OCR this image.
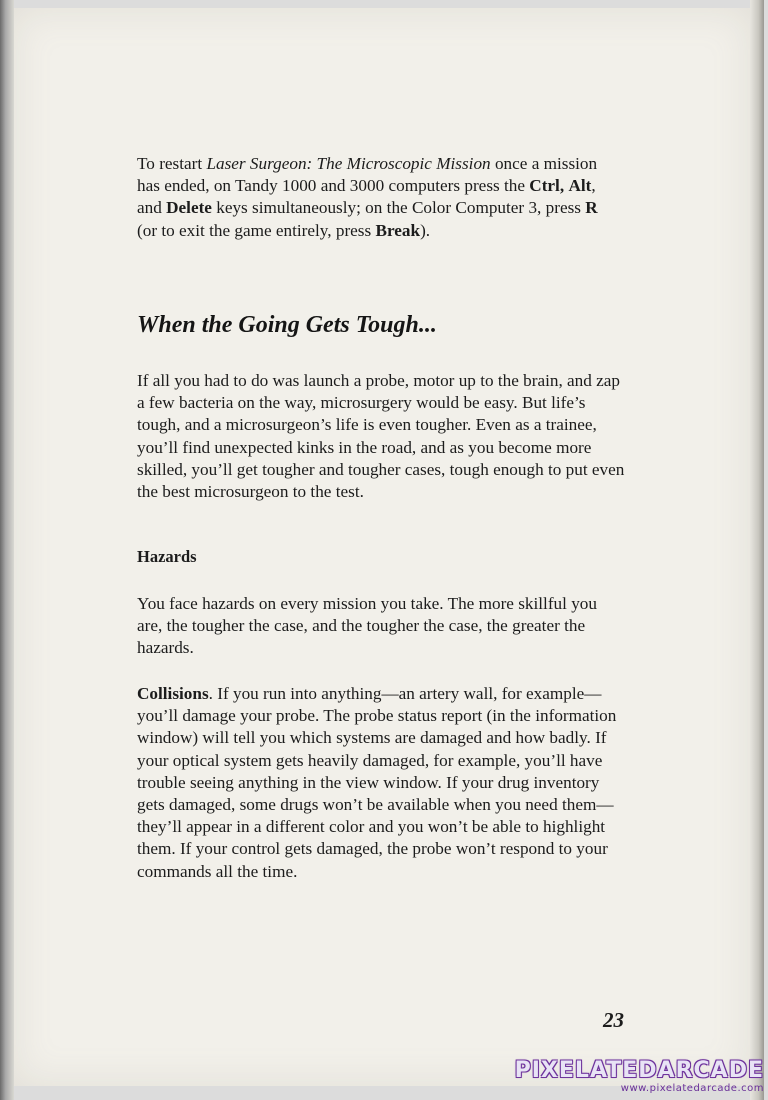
To restart Laser Surgeon: The Microscopic Mission once a mission has ended, on Tandy 1000 and 3000 computers press the Ctrl, Alt, and Delete keys simultaneously; on the Color Computer 3, press R (or to exit the game entirely, press Break).

When the Going Gets Tough...

If all you had to do was launch a probe, motor up to the brain, and zap a few bacteria on the way, microsurgery would be easy. But life’s tough, and a microsurgeon’s life is even tougher. Even as a trainee, you’ll find unexpected kinks in the road, and as you become more skilled, you’ll get tougher and tougher cases, tough enough to put even the best microsurgeon to the test.

Hazards

You face hazards on every mission you take. The more skillful you are, the tougher the case, and the tougher the case, the greater the hazards.

Collisions. If you run into anything—an artery wall, for example—you’ll damage your probe. The probe status report (in the information window) will tell you which systems are damaged and how badly. If your optical system gets heavily damaged, for example, you’ll have trouble seeing anything in the view window. If your drug inventory gets damaged, some drugs won’t be available when you need them—they’ll appear in a different color and you won’t be able to highlight them. If your control gets damaged, the probe won’t respond to your commands all the time.

23
PIXELATEDARCADE
www.pixelatedarcade.com
